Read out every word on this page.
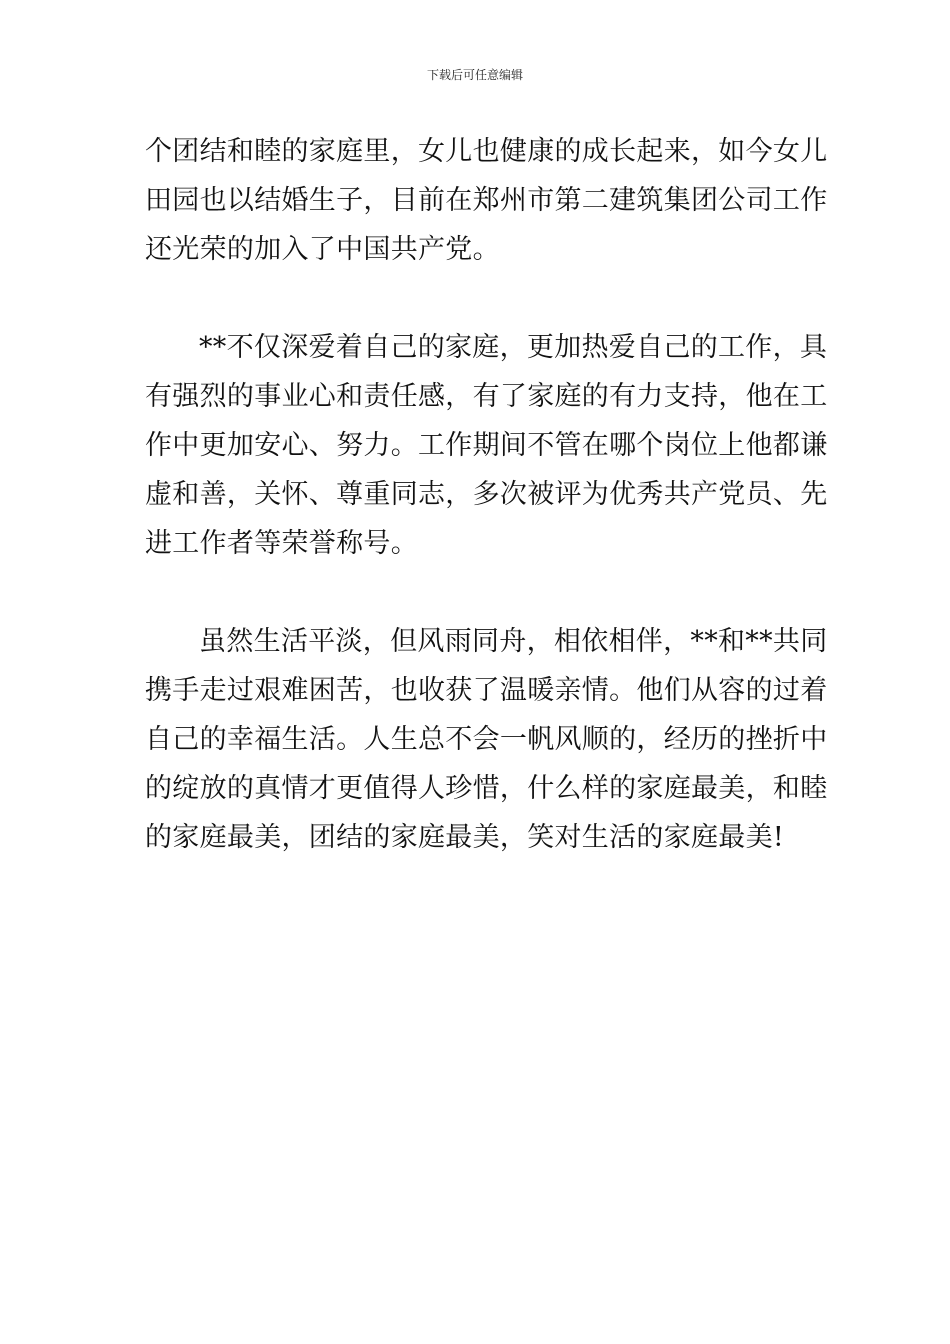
下载后可任意编辑
个团结和睦的家庭里，女儿也健康的成长起来，如今女儿
田园也以结婚生子，目前在郑州市第二建筑集团公司工作
还光荣的加入了中国共产党。
**不仅深爱着自己的家庭，更加热爱自己的工作，具
有强烈的事业心和责任感，有了家庭的有力支持，他在工
作中更加安心、努力。工作期间不管在哪个岗位上他都谦
虚和善，关怀、尊重同志，多次被评为优秀共产党员、先
进工作者等荣誉称号。
虽然生活平淡，但风雨同舟，相依相伴，**和**共同
携手走过艰难困苦，也收获了温暖亲情。他们从容的过着
自己的幸福生活。人生总不会一帆风顺的，经历的挫折中
的绽放的真情才更值得人珍惜，什么样的家庭最美，和睦
的家庭最美，团结的家庭最美，笑对生活的家庭最美!
